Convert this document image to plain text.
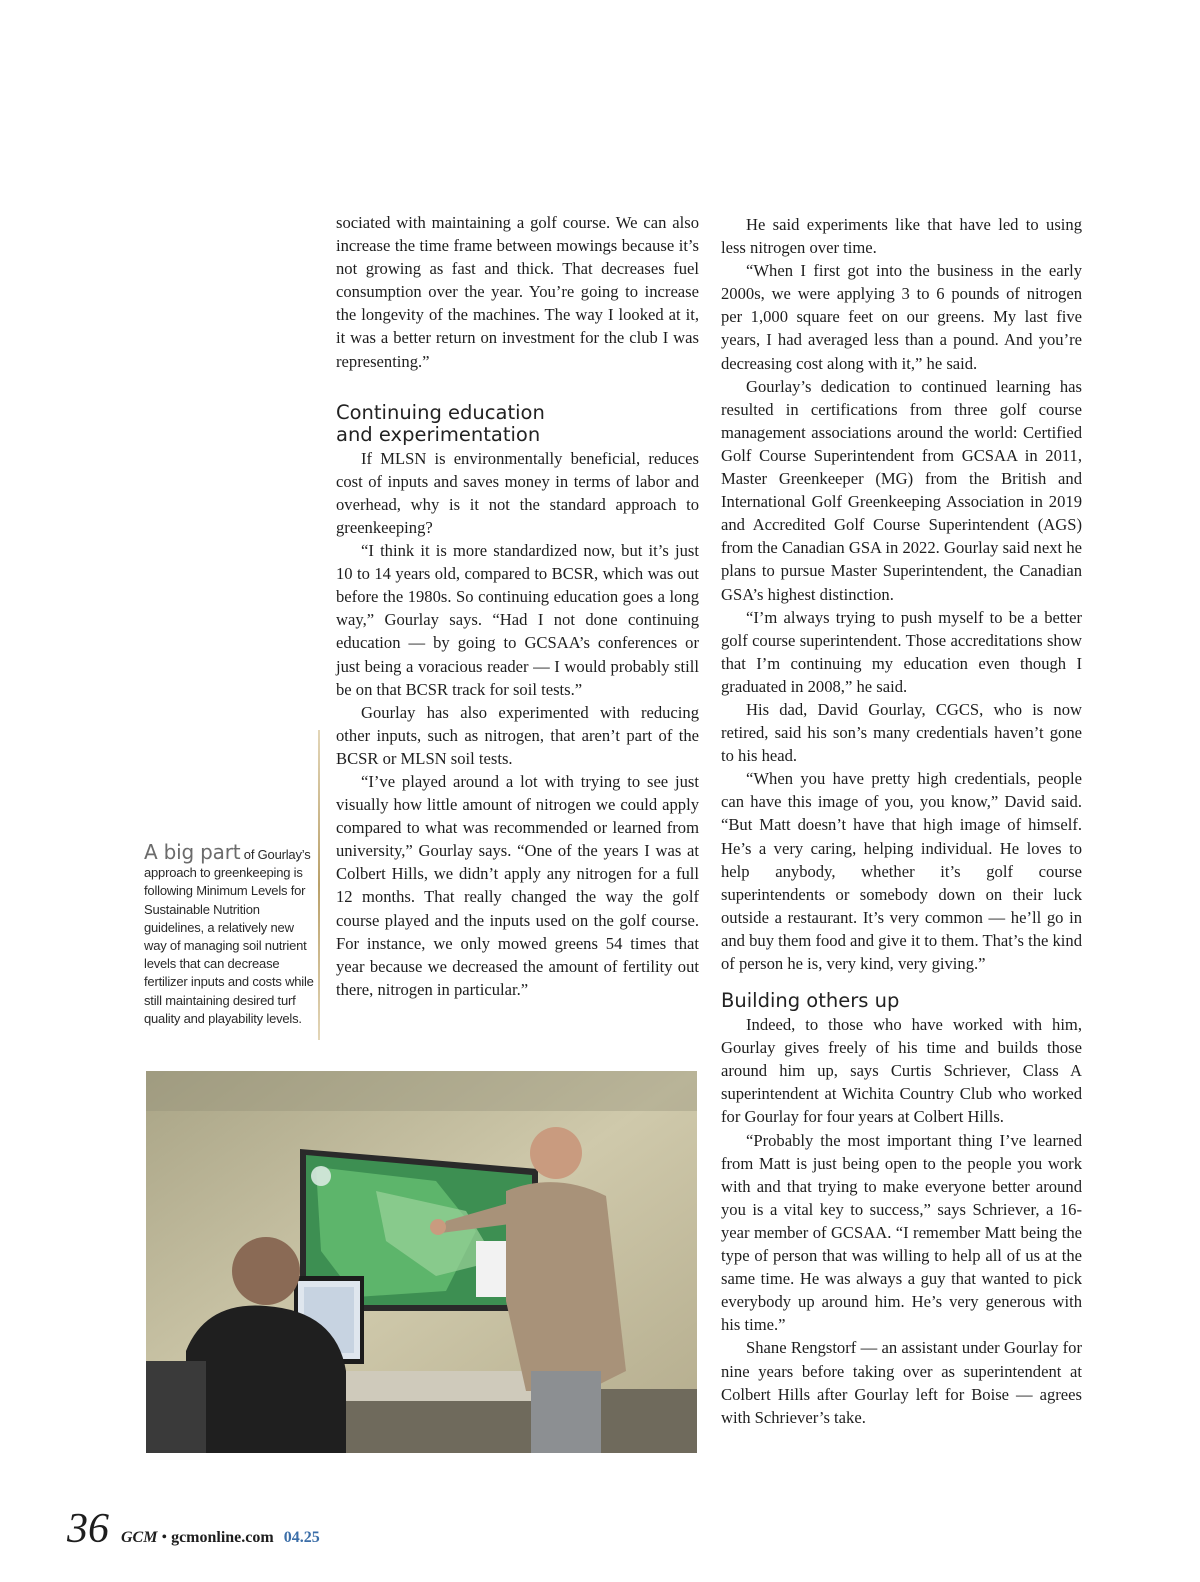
sociated with maintaining a golf course. We can also increase the time frame between mowings because it’s not growing as fast and thick. That decreases fuel consumption over the year. You’re going to increase the longevity of the machines. The way I looked at it, it was a better return on investment for the club I was representing.”

Continuing education
and experimentation

If MLSN is environmentally beneficial, reduces cost of inputs and saves money in terms of labor and overhead, why is it not the standard approach to greenkeeping?

“I think it is more standardized now, but it’s just 10 to 14 years old, compared to BCSR, which was out before the 1980s. So continuing education goes a long way,” Gourlay says. “Had I not done continuing education — by going to GCSAA’s conferences or just being a voracious reader — I would probably still be on that BCSR track for soil tests.”

Gourlay has also experimented with reducing other inputs, such as nitrogen, that aren’t part of the BCSR or MLSN soil tests.

“I’ve played around a lot with trying to see just visually how little amount of nitrogen we could apply compared to what was recommended or learned from university,” Gourlay says. “One of the years I was at Colbert Hills, we didn’t apply any nitrogen for a full 12 months. That really changed the way the golf course played and the inputs used on the golf course. For instance, we only mowed greens 54 times that year because we decreased the amount of fertility out there, nitrogen in particular.”

He said experiments like that have led to using less nitrogen over time.

“When I first got into the business in the early 2000s, we were applying 3 to 6 pounds of nitrogen per 1,000 square feet on our greens. My last five years, I had averaged less than a pound. And you’re decreasing cost along with it,” he said.

Gourlay’s dedication to continued learning has resulted in certifications from three golf course management associations around the world: Certified Golf Course Superintendent from GCSAA in 2011, Master Greenkeeper (MG) from the British and International Golf Greenkeeping Association in 2019 and Accredited Golf Course Superintendent (AGS) from the Canadian GSA in 2022. Gourlay said next he plans to pursue Master Superintendent, the Canadian GSA’s highest distinction.

“I’m always trying to push myself to be a better golf course superintendent. Those accreditations show that I’m continuing my education even though I graduated in 2008,” he said.

His dad, David Gourlay, CGCS, who is now retired, said his son’s many credentials haven’t gone to his head.

“When you have pretty high credentials, people can have this image of you, you know,” David said. “But Matt doesn’t have that high image of himself. He’s a very caring, helping individual. He loves to help anybody, whether it’s golf course superintendents or somebody down on their luck outside a restaurant. It’s very common — he’ll go in and buy them food and give it to them. That’s the kind of person he is, very kind, very giving.”

Building others up

Indeed, to those who have worked with him, Gourlay gives freely of his time and builds those around him up, says Curtis Schriever, Class A superintendent at Wichita Country Club who worked for Gourlay for four years at Colbert Hills.

“Probably the most important thing I’ve learned from Matt is just being open to the people you work with and that trying to make everyone better around you is a vital key to success,” says Schriever, a 16-year member of GCSAA. “I remember Matt being the type of person that was willing to help all of us at the same time. He was always a guy that wanted to pick everybody up around him. He’s very generous with his time.”

Shane Rengstorf — an assistant under Gourlay for nine years before taking over as superintendent at Colbert Hills after Gourlay left for Boise — agrees with Schriever’s take.

A big part of Gourlay’s approach to greenkeeping is following Minimum Levels for Sustainable Nutrition guidelines, a relatively new way of managing soil nutrient levels that can decrease fertilizer inputs and costs while still maintaining desired turf quality and playability levels.
36 GCM • gcmonline.com 04.25
